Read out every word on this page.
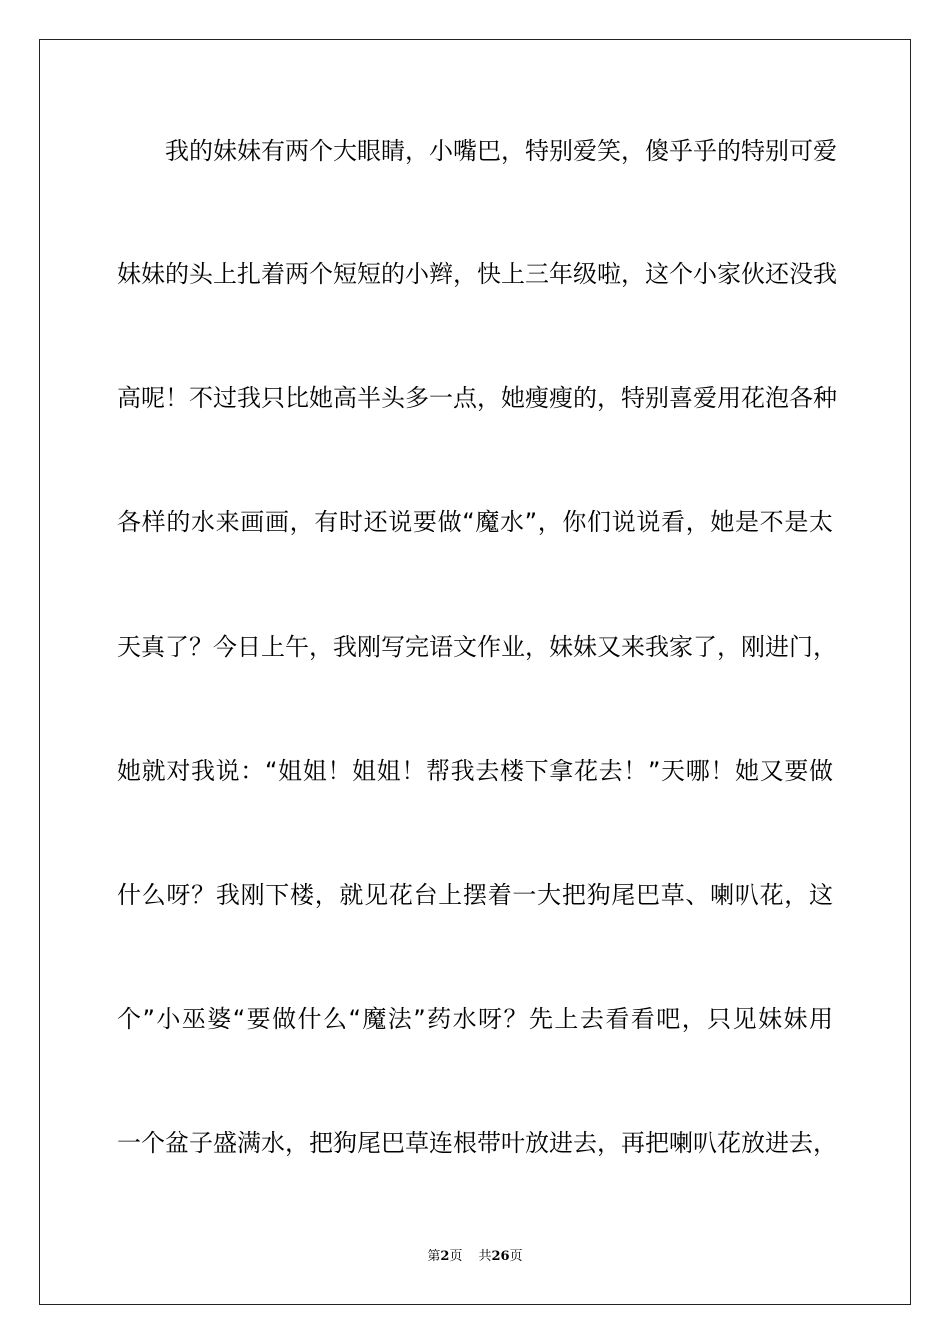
我的妹妹有两个大眼睛，小嘴巴，特别爱笑，傻乎乎的特别可爱
妹妹的头上扎着两个短短的小辫，快上三年级啦，这个小家伙还没我
高呢！不过我只比她高半头多一点，她瘦瘦的，特别喜爱用花泡各种
各样的水来画画，有时还说要做“魔水”，你们说说看，她是不是太
天真了？今日上午，我刚写完语文作业，妹妹又来我家了，刚进门，
她就对我说：“姐姐！姐姐！帮我去楼下拿花去！”天哪！她又要做
什么呀？我刚下楼，就见花台上摆着一大把狗尾巴草、喇叭花，这
个”小巫婆“要做什么“魔法”药水呀？先上去看看吧，只见妹妹用
一个盆子盛满水，把狗尾巴草连根带叶放进去，再把喇叭花放进去，
第2页 共26页
